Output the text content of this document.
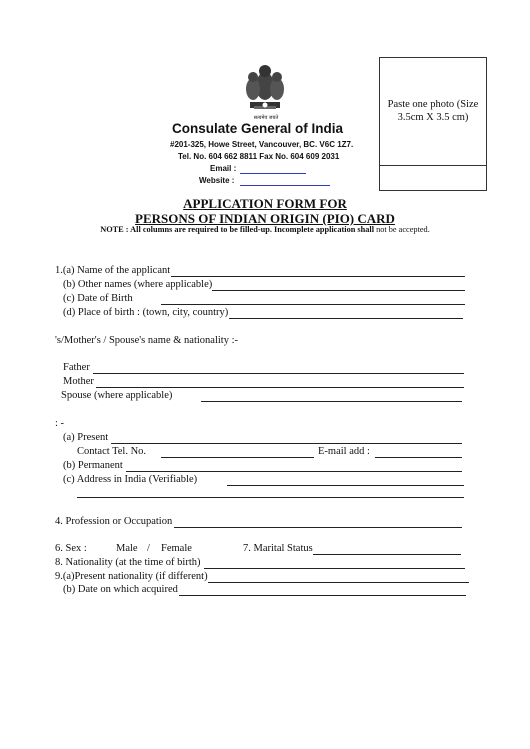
सत्यमेव जयते
Consulate General of India
#201-325, Howe Street, Vancouver, BC. V6C 1Z7.
Tel. No. 604 662 8811 Fax No. 604 609 2031
Email :
Website :
Paste one photo (Size 3.5cm X 3.5 cm)
APPLICATION FORM FOR
PERSONS OF INDIAN ORIGIN (PIO) CARD
NOTE : All columns are required to be filled-up. Incomplete application shall not be accepted.
1.(a) Name of the applicant
(b) Other names (where applicable)
(c) Date of Birth
(d) Place of birth : (town, city, country)
's/Mother's / Spouse's name & nationality :-
Father
Mother
Spouse (where applicable)
: -
(a) Present
Contact Tel. No.	E-mail add :
(b) Permanent
(c) Address in India (Verifiable)
4. Profession or Occupation
6. Sex :	Male / Female	7. Marital Status
8. Nationality (at the time of birth)
9.(a)Present nationality (if different)
(b) Date on which acquired
